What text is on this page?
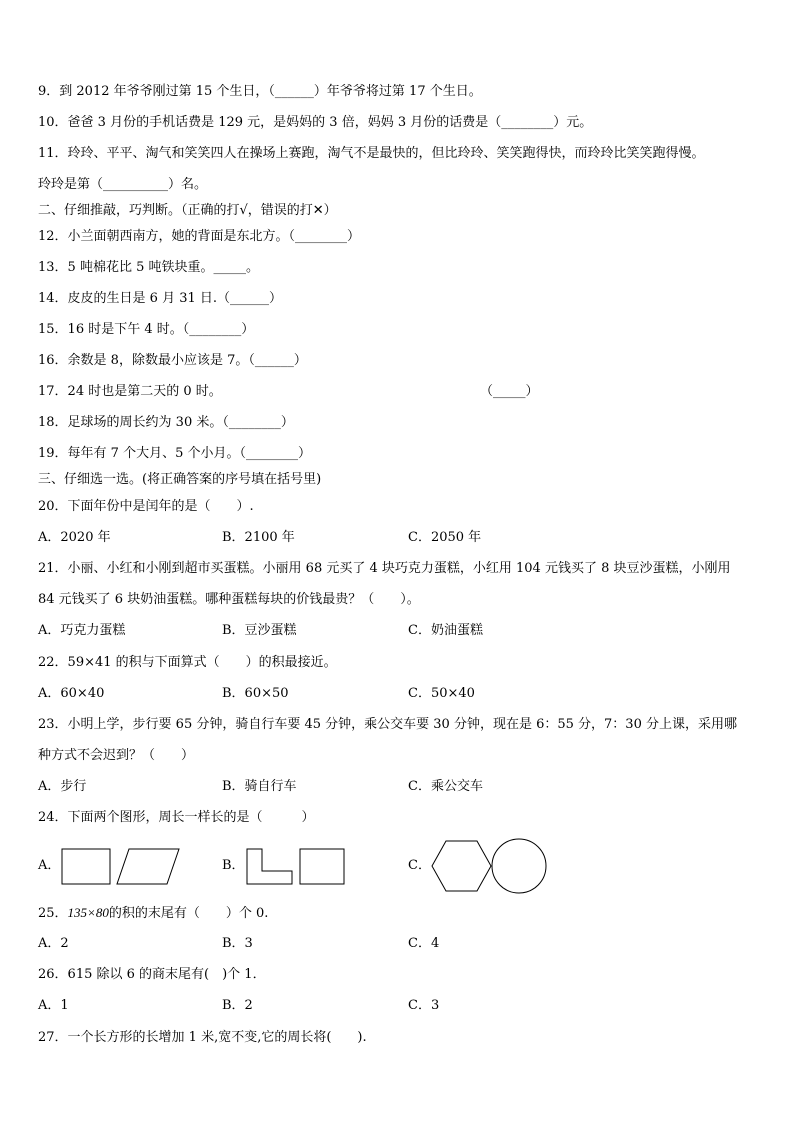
9．到 2012 年爷爷刚过第 15 个生日，（______）年爷爷将过第 17 个生日。
10．爸爸 3 月份的手机话费是 129 元，是妈妈的 3 倍，妈妈 3 月份的话费是（________）元。
11．玲玲、平平、淘气和笑笑四人在操场上赛跑，淘气不是最快的，但比玲玲、笑笑跑得快，而玲玲比笑笑跑得慢。
玲玲是第（__________）名。
二、仔细推敲，巧判断。（正确的打√，错误的打✕）
12．小兰面朝西南方，她的背面是东北方。（________）
13．5 吨棉花比 5 吨铁块重。_____。
14．皮皮的生日是 6 月 31 日.（______）
15．16 时是下午 4 时。（________）
16．余数是 8，除数最小应该是 7。（______）
17．24 时也是第二天的 0 时。	（_____）
18．足球场的周长约为 30 米。（________）
19．每年有 7 个大月、5 个小月。（________）
三、仔细选一选。(将正确答案的序号填在括号里)
20．下面年份中是闰年的是（　　）.
A．2020 年	B．2100 年	C．2050 年
21．小丽、小红和小刚到超市买蛋糕。小丽用 68 元买了 4 块巧克力蛋糕，小红用 104 元钱买了 8 块豆沙蛋糕，小刚用
84 元钱买了 6 块奶油蛋糕。哪种蛋糕每块的价钱最贵？（　　）。
A．巧克力蛋糕	B．豆沙蛋糕	C．奶油蛋糕
22．59×41 的积与下面算式（　　）的积最接近。
A．60×40	B．60×50	C．50×40
23．小明上学，步行要 65 分钟，骑自行车要 45 分钟，乘公交车要 30 分钟，现在是 6：55 分，7：30 分上课，采用哪
种方式不会迟到？（　　）
A．步行	B．骑自行车	C．乘公交车
24．下面两个图形，周长一样长的是（　　　）
A．	B．	C．
25．135×80的积的末尾有（　　）个 0.
A．2	B．3	C．4
26．615 除以 6 的商末尾有(　)个 1．
A．1	B．2	C．3
27．一个长方形的长增加 1 米,宽不变,它的周长将(　　).
